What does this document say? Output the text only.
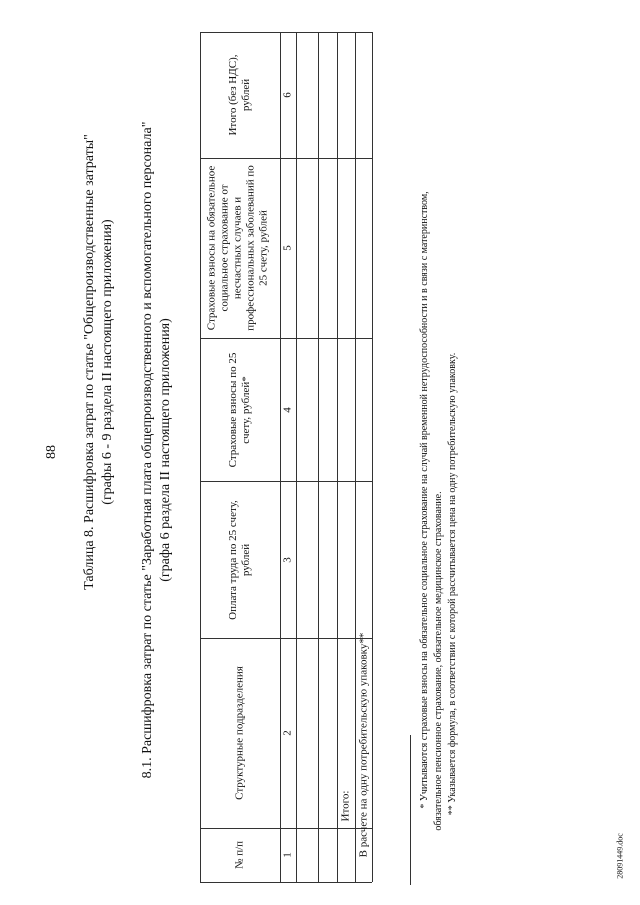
88 Таблица 8. Расшифровка затрат по статье "Общепроизводственные затраты" (графы 6 - 9 раздела II настоящего приложения) 8.1. Расшифровка затрат по статье "Заработная плата общепроизводственного и вспомогательного персонала" (графа 6 раздела II настоящего приложения)
№ п/п
Структурные подразделения
Оплата труда по 25 счету, рублей
Страховые взносы по 25 счету, рублей*
Страховые взносы на обязательное социальное страхование от несчастных случаев и профессиональных заболеваний по 25 счету, рублей
Итого (без НДС), рублей
1
2
3
4
5
6
Итого: В расчете на одну потребительскую упаковку**	* Учитываются страховые взносы на обязательное социальное страхование на случай временной нетрудоспособности и в связи с материнством, обязательное пенсионное страхование, обязательное медицинское страхование. ** Указывается формула, в соответствии с которой рассчитывается цена на одну потребительскую упаковку.
28091449.doc
